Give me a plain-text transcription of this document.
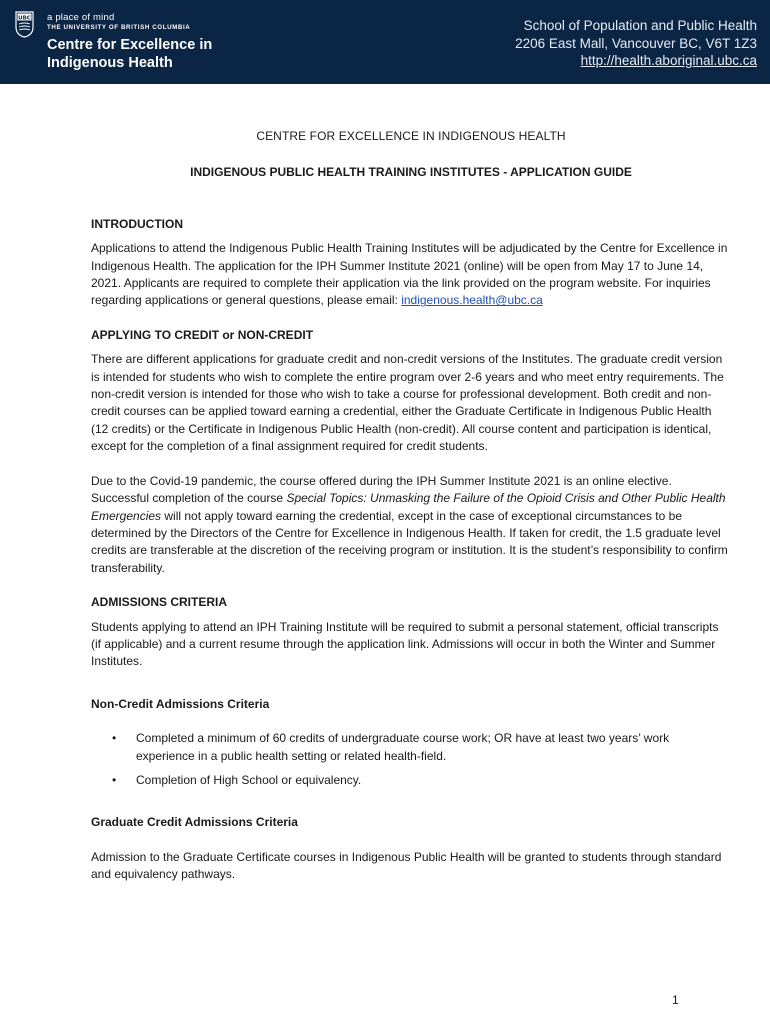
UBC a place of mind
THE UNIVERSITY OF BRITISH COLUMBIA
Centre for Excellence in
Indigenous Health
School of Population and Public Health
2206 East Mall, Vancouver BC, V6T 1Z3
http://health.aboriginal.ubc.ca

CENTRE FOR EXCELLENCE IN INDIGENOUS HEALTH

INDIGENOUS PUBLIC HEALTH TRAINING INSTITUTES - APPLICATION GUIDE

INTRODUCTION

Applications to attend the Indigenous Public Health Training Institutes will be adjudicated by the Centre for Excellence in Indigenous Health. The application for the IPH Summer Institute 2021 (online) will be open from May 17 to June 14, 2021. Applicants are required to complete their application via the link provided on the program website. For inquiries regarding applications or general questions, please email: indigenous.health@ubc.ca

APPLYING TO CREDIT or NON-CREDIT

There are different applications for graduate credit and non-credit versions of the Institutes. The graduate credit version is intended for students who wish to complete the entire program over 2-6 years and who meet entry requirements. The non-credit version is intended for those who wish to take a course for professional development. Both credit and non-credit courses can be applied toward earning a credential, either the Graduate Certificate in Indigenous Public Health (12 credits) or the Certificate in Indigenous Public Health (non-credit). All course content and participation is identical, except for the completion of a final assignment required for credit students.

Due to the Covid-19 pandemic, the course offered during the IPH Summer Institute 2021 is an online elective. Successful completion of the course Special Topics: Unmasking the Failure of the Opioid Crisis and Other Public Health Emergencies will not apply toward earning the credential, except in the case of exceptional circumstances to be determined by the Directors of the Centre for Excellence in Indigenous Health. If taken for credit, the 1.5 graduate level credits are transferable at the discretion of the receiving program or institution. It is the student’s responsibility to confirm transferability.

ADMISSIONS CRITERIA

Students applying to attend an IPH Training Institute will be required to submit a personal statement, official transcripts (if applicable) and a current resume through the application link. Admissions will occur in both the Winter and Summer Institutes.

Non-Credit Admissions Criteria

• Completed a minimum of 60 credits of undergraduate course work; OR have at least two years’ work experience in a public health setting or related health-field.
• Completion of High School or equivalency.

Graduate Credit Admissions Criteria

Admission to the Graduate Certificate courses in Indigenous Public Health will be granted to students through standard and equivalency pathways.

1
